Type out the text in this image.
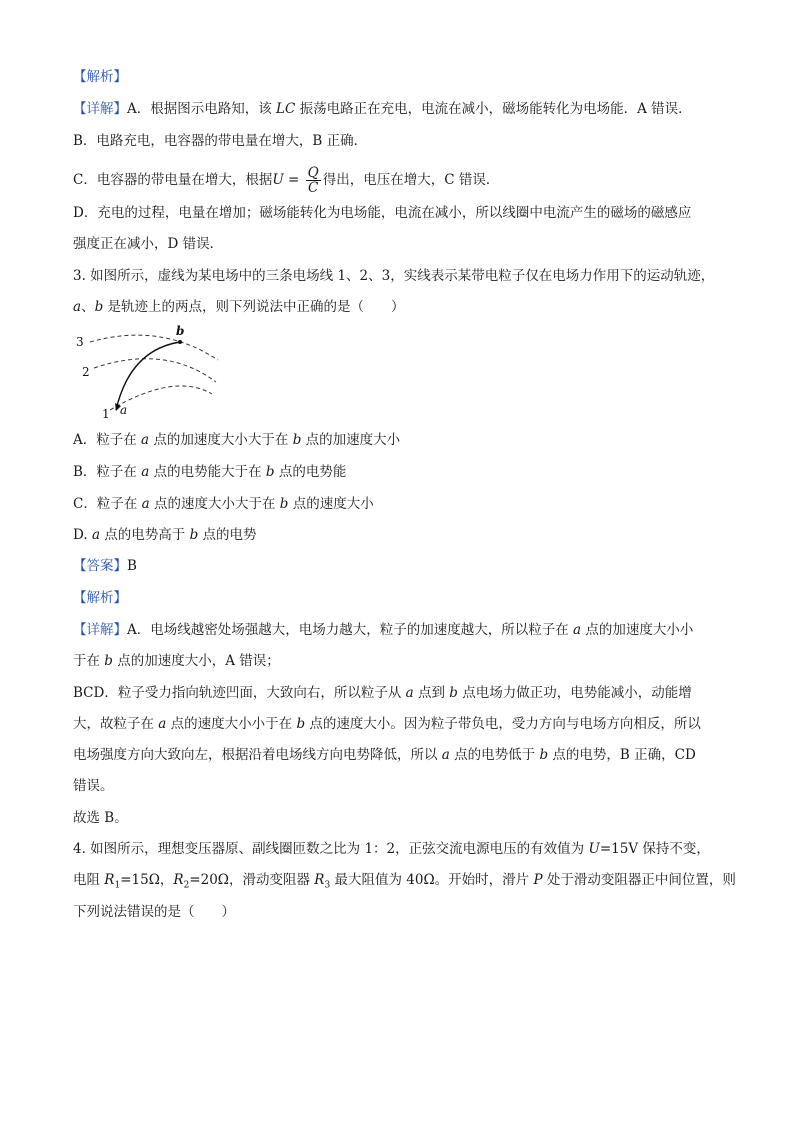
【解析】
【详解】A．根据图示电路知，该 LC 振荡电路正在充电，电流在减小，磁场能转化为电场能．A 错误．
B．电路充电，电容器的带电量在增大，B 正确．
C．电容器的带电量在增大，根据$U = \frac{Q}{C}$ 得出，电压在增大，C 错误．
D．充电的过程，电量在增加；磁场能转化为电场能，电流在减小，所以线圈中电流产生的磁场的磁感应
强度正在减小，D 错误．
3. 如图所示，虚线为某电场中的三条电场线 1、2、3，实线表示某带电粒子仅在电场力作用下的运动轨迹，
a、b 是轨迹上的两点，则下列说法中正确的是（　　）
3
2
1 a
b
A．粒子在 a 点的加速度大小大于在 b 点的加速度大小
B．粒子在 a 点的电势能大于在 b 点的电势能
C．粒子在 a 点的速度大小大于在 b 点的速度大小
D. a 点的电势高于 b 点的电势
【答案】B
【解析】
【详解】A．电场线越密处场强越大，电场力越大，粒子的加速度越大，所以粒子在 a 点的加速度大小小
于在 b 点的加速度大小，A 错误；
BCD．粒子受力指向轨迹凹面，大致向右，所以粒子从 a 点到 b 点电场力做正功，电势能减小，动能增
大，故粒子在 a 点的速度大小小于在 b 点的速度大小。因为粒子带负电，受力方向与电场方向相反，所以
电场强度方向大致向左，根据沿着电场线方向电势降低，所以 a 点的电势低于 b 点的电势，B 正确，CD
错误。
故选 B。
4. 如图所示，理想变压器原、副线圈匝数之比为 1：2，正弦交流电源电压的有效值为 U=15V 保持不变，
电阻 $R_1=15\Omega$，$R_2=20\Omega$，滑动变阻器 $R_3$ 最大阻值为 40Ω。开始时，滑片 P 处于滑动变阻器正中间位置，则
下列说法错误的是（　　）
